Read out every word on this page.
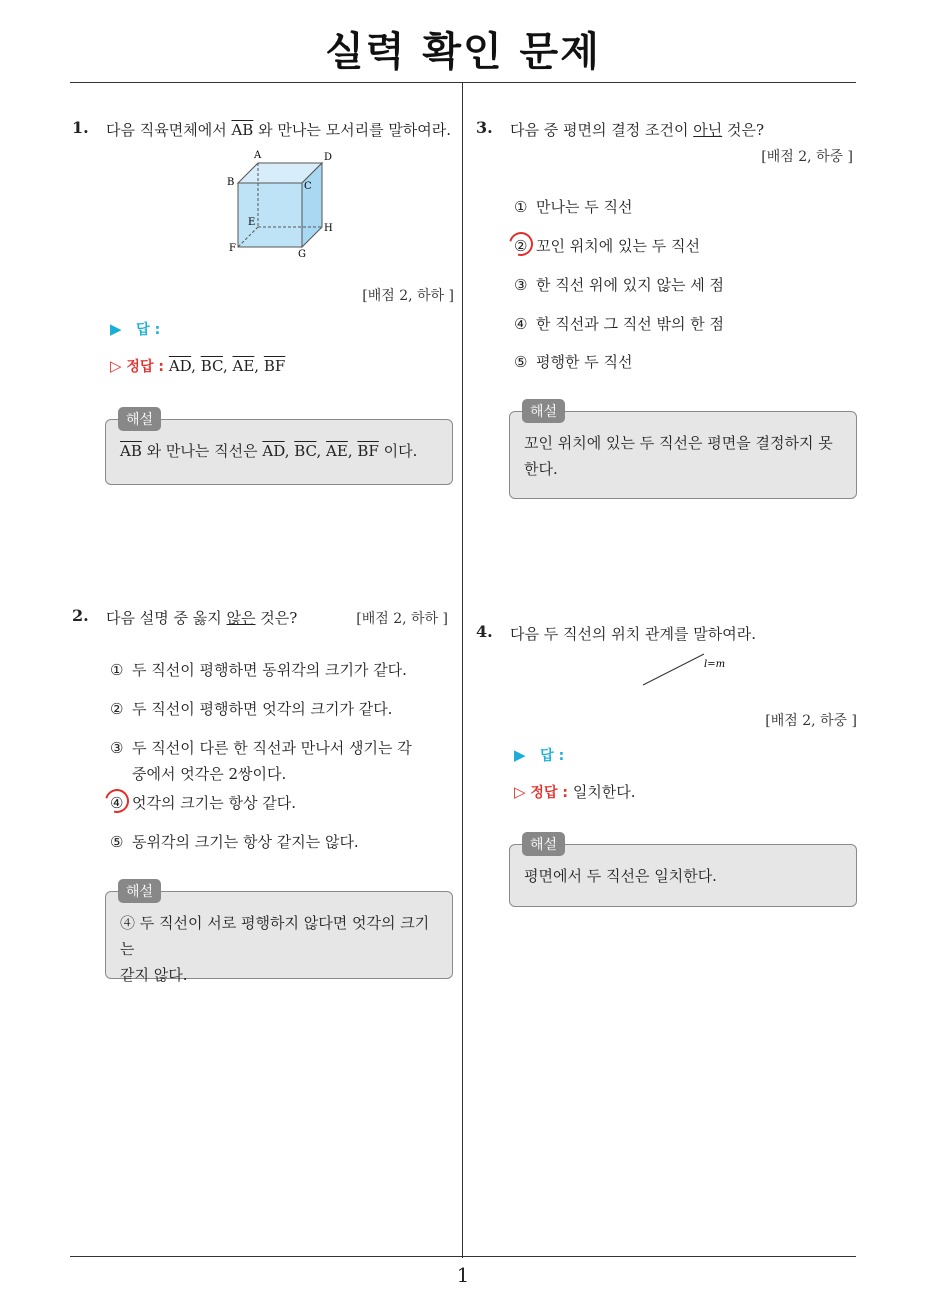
실력 확인 문제
1. 다음 직육면체에서 $\overline{AB}$ 와 만나는 모서리를 말하여라.
A	D
B	C
E
H
F
G
[배점 2, 하하 ]
▶ 답 :
▷ 정답 : $\overline{AD}$, $\overline{BC}$, $\overline{AE}$, $\overline{BF}$
$\overline{AB}$ 와 만나는 직선은 $\overline{AD}$, $\overline{BC}$, $\overline{AE}$, $\overline{BF}$ 이다.
해설
2. 다음 설명 중 옳지 않은 것은?	[배점 2, 하하 ]
① 두 직선이 평행하면 동위각의 크기가 같다.
② 두 직선이 평행하면 엇각의 크기가 같다.
③ 두 직선이 다른 한 직선과 만나서 생기는 각
중에서 엇각은 2쌍이다.
④ 엇각의 크기는 항상 같다.
⑤ 동위각의 크기는 항상 같지는 않다.
④ 두 직선이 서로 평행하지 않다면 엇각의 크기는
같지 않다.
해설
3. 다음 중 평면의 결정 조건이 아닌 것은?
[배점 2, 하중 ]
① 만나는 두 직선
② 꼬인 위치에 있는 두 직선
③ 한 직선 위에 있지 않는 세 점
④ 한 직선과 그 직선 밖의 한 점
⑤ 평행한 두 직선
꼬인 위치에 있는 두 직선은 평면을 결정하지 못
한다.
해설
4. 다음 두 직선의 위치 관계를 말하여라.
l=m
[배점 2, 하중 ]
▶ 답 :
▷ 정답 : 일치한다.
평면에서 두 직선은 일치한다.
해설
1
